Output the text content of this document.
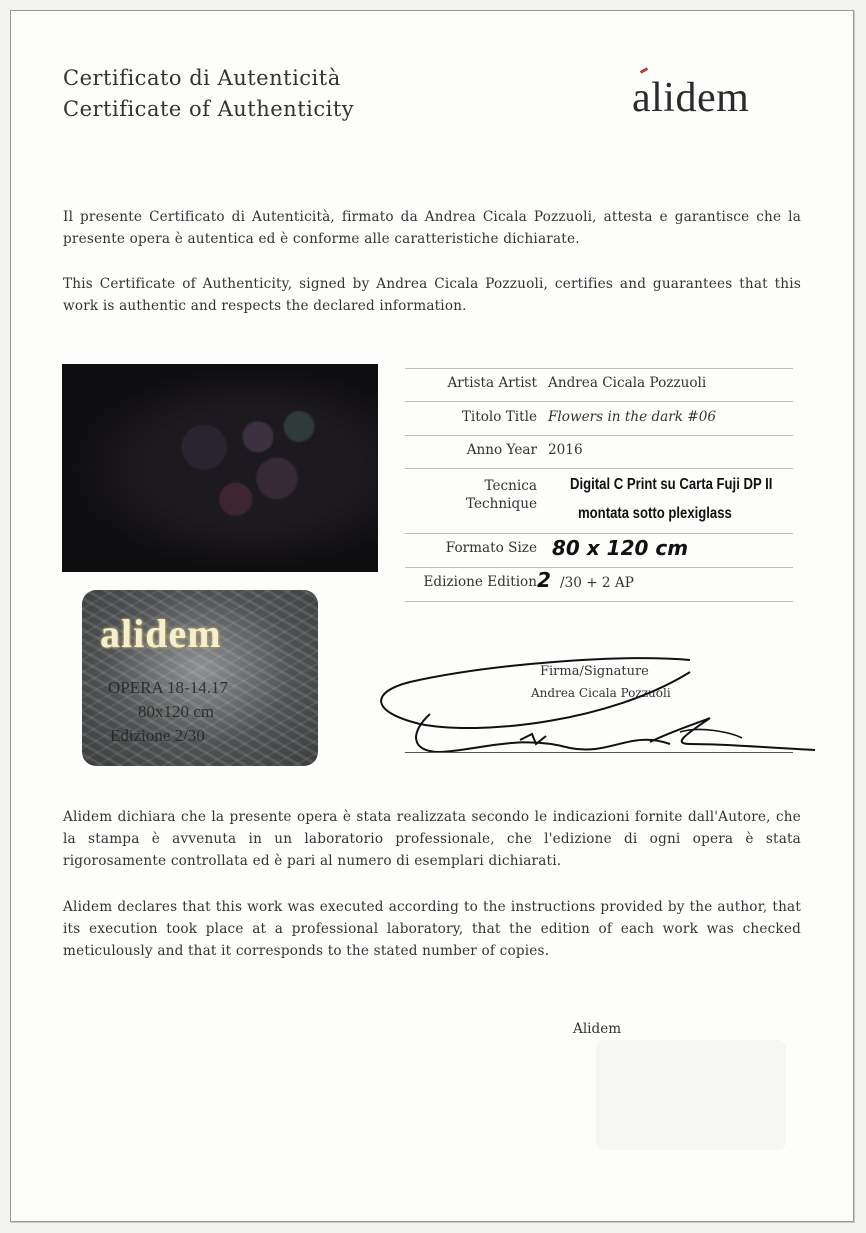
Certificato di Autenticità
Certificate of Authenticity	alidem
Il presente Certificato di Autenticità, firmato da Andrea Cicala Pozzuoli, attesta e garantisce che la presente opera è autentica ed è conforme alle caratteristiche dichiarate.
This Certificate of Authenticity, signed by Andrea Cicala Pozzuoli, certifies and guarantees that this work is authentic and respects the declared information.
alidem
OPERA 18-14.17
80x120 cm
Edizione 2/30
Artista Artist Andrea Cicala Pozzuoli
Titolo Title Flowers in the dark #06
Anno Year 2016
Tecnica
Technique
Digital C Print su Carta Fuji DP II
montata sotto plexiglass
Formato Size 80 x 120 cm
Edizione Edition 2 /30 + 2 AP
Firma/Signature
Andrea Cicala Pozzuoli
Alidem dichiara che la presente opera è stata realizzata secondo le indicazioni fornite dall'Autore, che la stampa è avvenuta in un laboratorio professionale, che l'edizione di ogni opera è stata rigorosamente controllata ed è pari al numero di esemplari dichiarati.
Alidem declares that this work was executed according to the instructions provided by the author, that its execution took place at a professional laboratory, that the edition of each work was checked meticulously and that it corresponds to the stated number of copies.
Alidem
